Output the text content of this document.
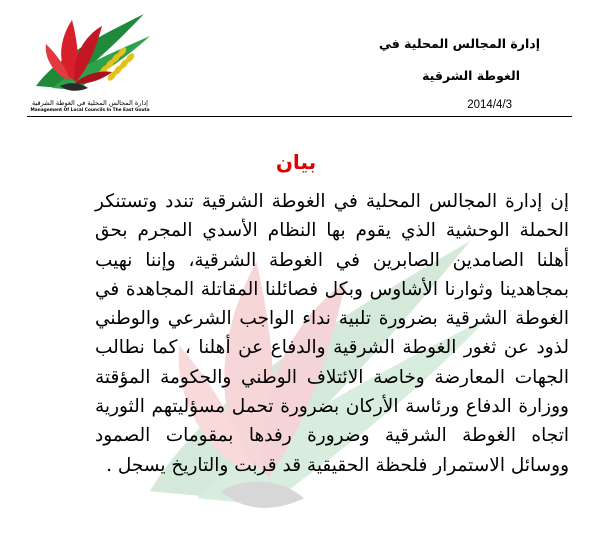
إدارة المجالس المحلية في الغوطة الشرقية
Management Of Local Councils In The East Gouta
إدارة المجالس المحلية في
الغوطة الشرقية
2014/4/3
بيان
إن إدارة المجالس المحلية في الغوطة الشرقية تندد وتستنكر الحملة الوحشية الذي يقوم بها النظام الأسدي المجرم بحق أهلنا الصامدين الصابرين في الغوطة الشرقية، وإننا نهيب بمجاهدينا وثوارنا الأشاوس وبكل فصائلنا المقاتلة المجاهدة في الغوطة الشرقية بضرورة تلبية نداء الواجب الشرعي والوطني لذود عن ثغور الغوطة الشرقية والدفاع عن أهلنا ، كما نطالب الجهات المعارضة وخاصة الائتلاف الوطني والحكومة المؤقتة ووزارة الدفاع ورئاسة الأركان بضرورة تحمل مسؤليتهم الثورية اتجاه الغوطة الشرقية وضرورة رفدها بمقومات الصمود ووسائل الاستمرار فلحظة الحقيقية قد قربت والتاريخ يسجل .
